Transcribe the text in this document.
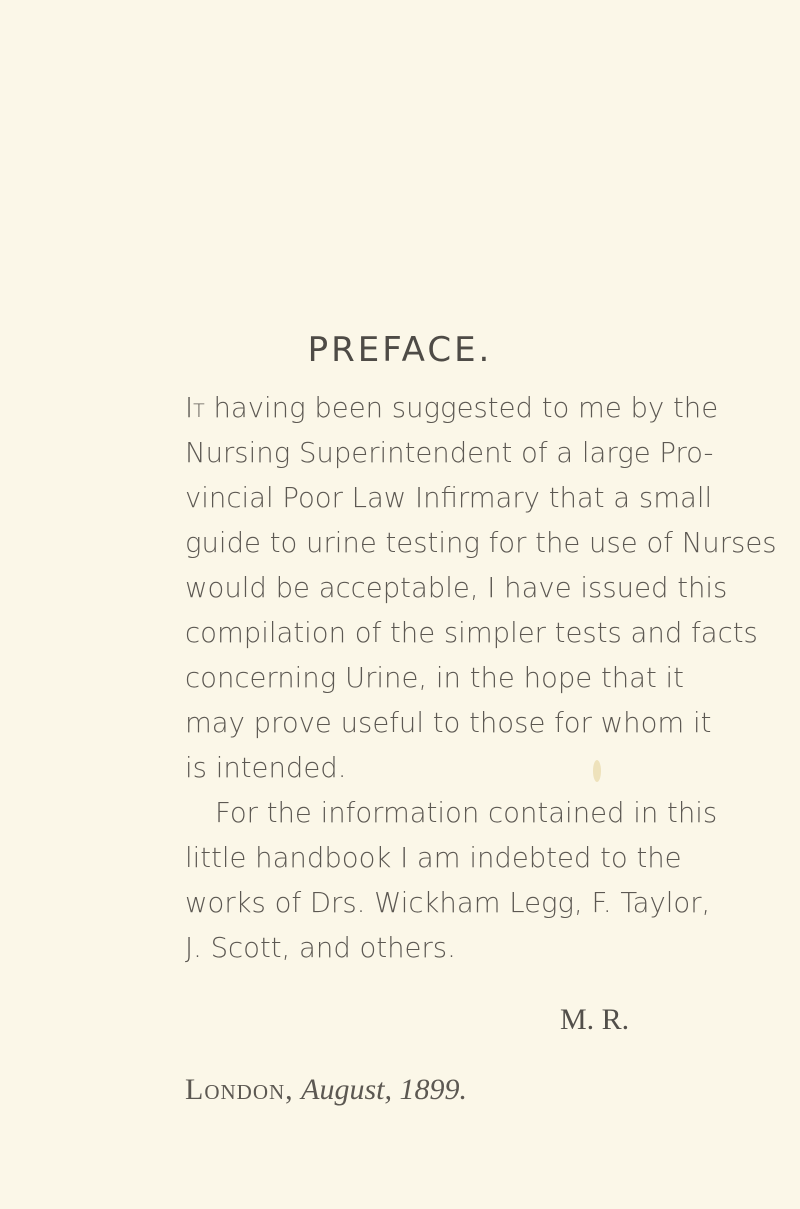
PREFACE.

It having been suggested to me by the

Nursing Superintendent of a large Pro-

vincial Poor Law Infirmary that a small

guide to urine testing for the use of Nurses

would be acceptable, I have issued this

compilation of the simpler tests and facts

concerning Urine, in the hope that it

may prove useful to those for whom it

is intended.

For the information contained in this

little handbook I am indebted to the

works of Drs. Wickham Legg, F. Taylor,

J. Scott, and others.

M. R.

London, August, 1899.
